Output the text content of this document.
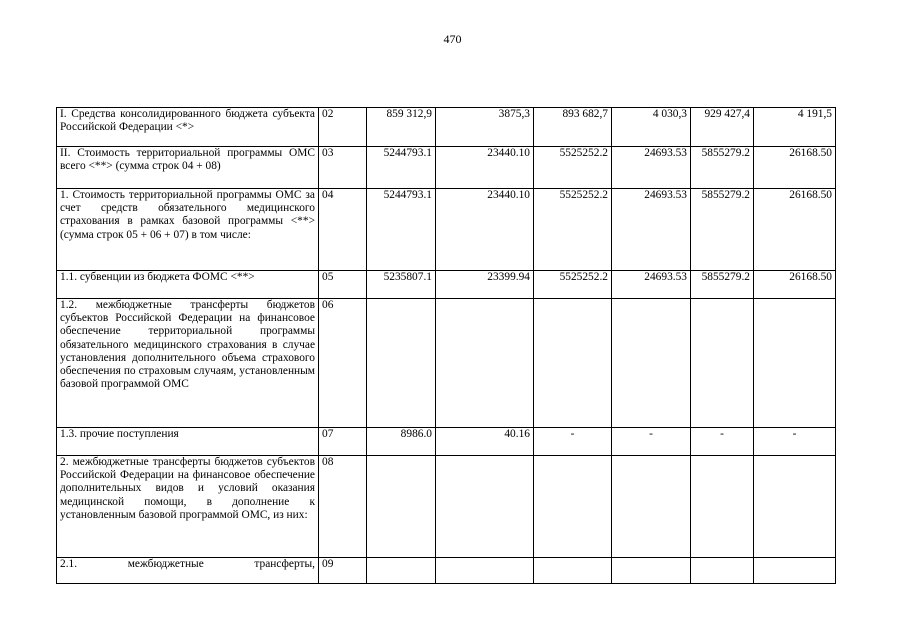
470
I. Средства консолидированного бюджета субъекта Российской Федерации <*>	02	859 312,9	3875,3	893 682,7	4 030,3	929 427,4	4 191,5
II. Стоимость территориальной программы ОМС всего <**> (сумма строк 04 + 08)	03	5244793.1	23440.10	5525252.2	24693.53	5855279.2	26168.50
1. Стоимость территориальной программы ОМС за счет средств обязательного медицинского страхования в рамках базовой программы <**> (сумма строк 05 + 06 + 07) в том числе:	04	5244793.1	23440.10	5525252.2	24693.53	5855279.2	26168.50
1.1. субвенции из бюджета ФОМС <**>	05	5235807.1	23399.94	5525252.2	24693.53	5855279.2	26168.50
1.2. межбюджетные трансферты бюджетов субъектов Российской Федерации на финансовое обеспечение территориальной программы обязательного медицинского страхования в случае установления дополнительного объема страхового обеспечения по страховым случаям, установленным базовой программой ОМС	06						
1.3. прочие поступления	07	8986.0	40.16	-	-	-	-
2. межбюджетные трансферты бюджетов субъектов Российской Федерации на финансовое обеспечение дополнительных видов и условий оказания медицинской помощи, в дополнение к установленным базовой программой ОМС, из них:	08						
2.1. межбюджетные трансферты,	09						
